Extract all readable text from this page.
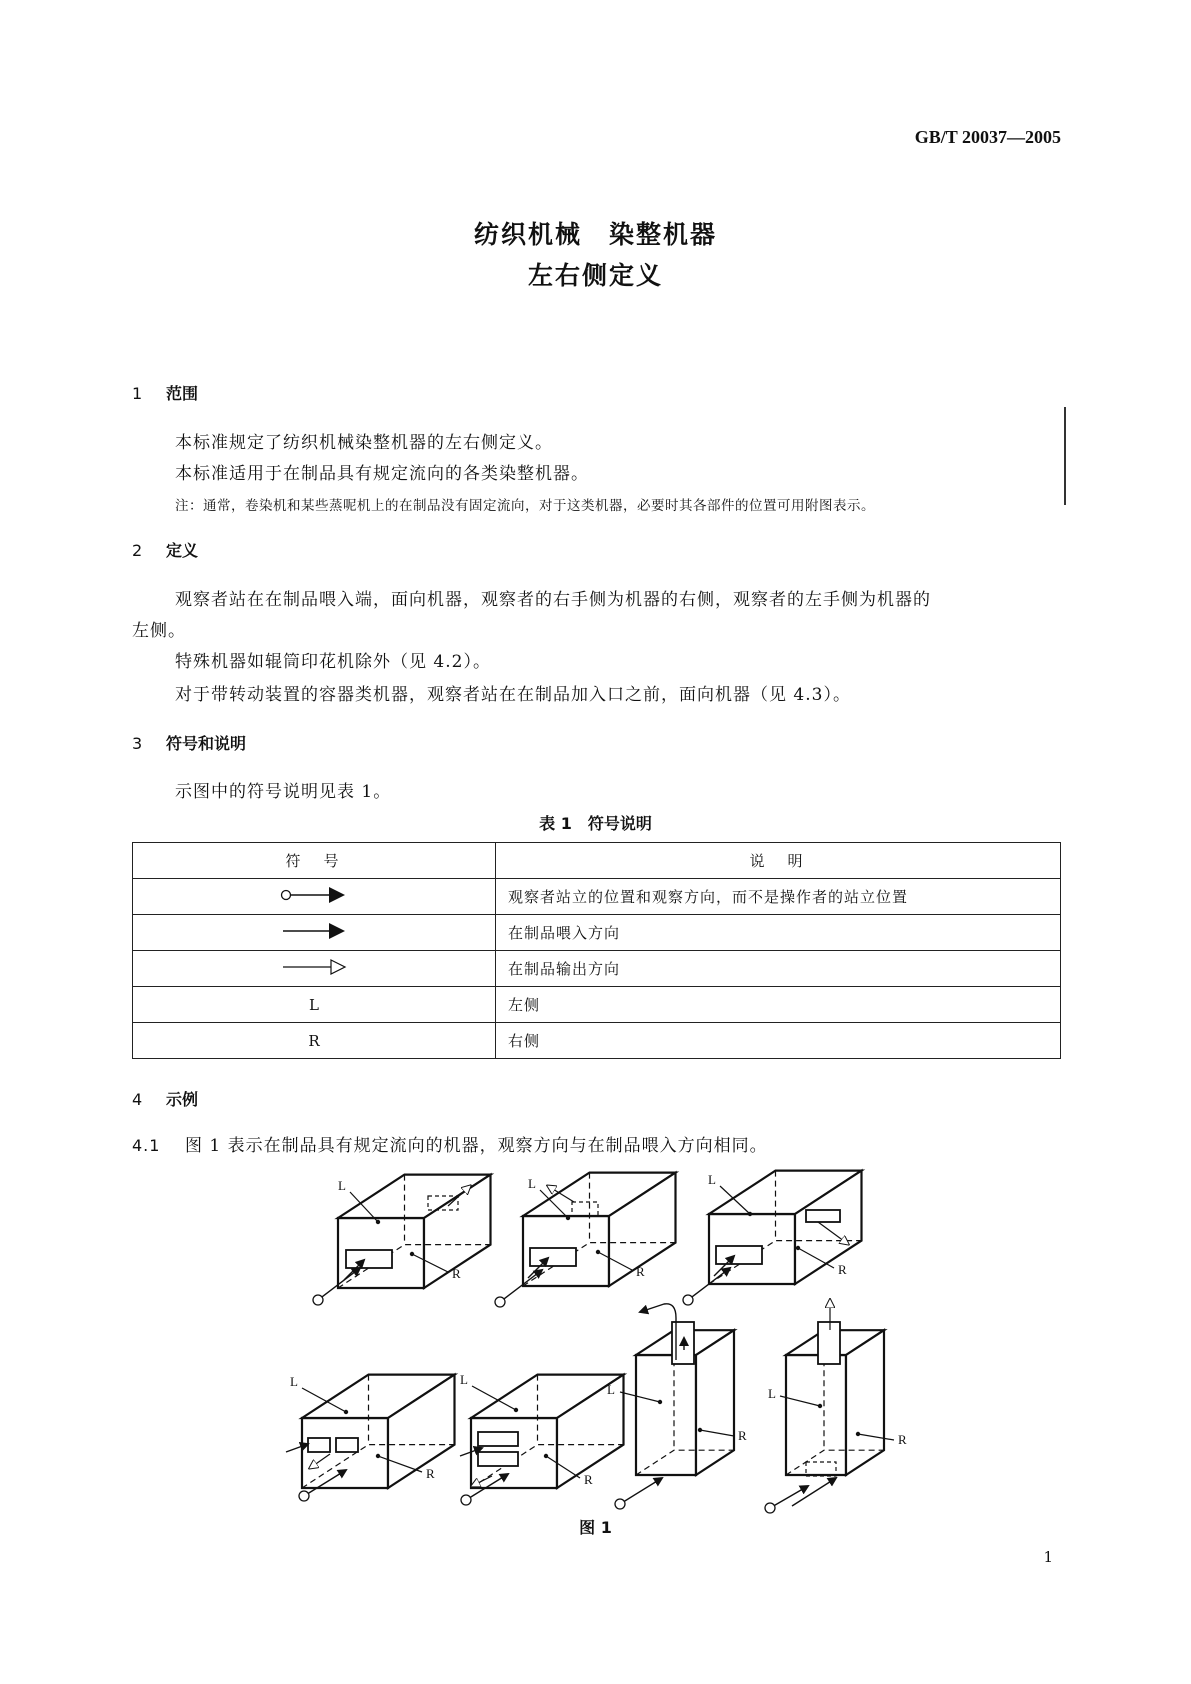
GB/T 20037—2005
纺织机械　染整机器
左右侧定义
1 范围
本标准规定了纺织机械染整机器的左右侧定义。
本标准适用于在制品具有规定流向的各类染整机器。
注：通常，卷染机和某些蒸呢机上的在制品没有固定流向，对于这类机器，必要时其各部件的位置可用附图表示。
2 定义
观察者站在在制品喂入端，面向机器，观察者的右手侧为机器的右侧，观察者的左手侧为机器的
左侧。
特殊机器如辊筒印花机除外（见 4.2）。
对于带转动装置的容器类机器，观察者站在在制品加入口之前，面向机器（见 4.3）。
3 符号和说明
示图中的符号说明见表 1。
表 1　符号说明
符　号	说　明
	观察者站立的位置和观察方向，而不是操作者的站立位置
	在制品喂入方向
	在制品输出方向
L	左侧
R	右侧
4 示例
4.1 图 1 表示在制品具有规定流向的机器，观察方向与在制品喂入方向相同。
L
R
L
R
L
R
L
R
L
R
L
R
L
R
图 1
1
